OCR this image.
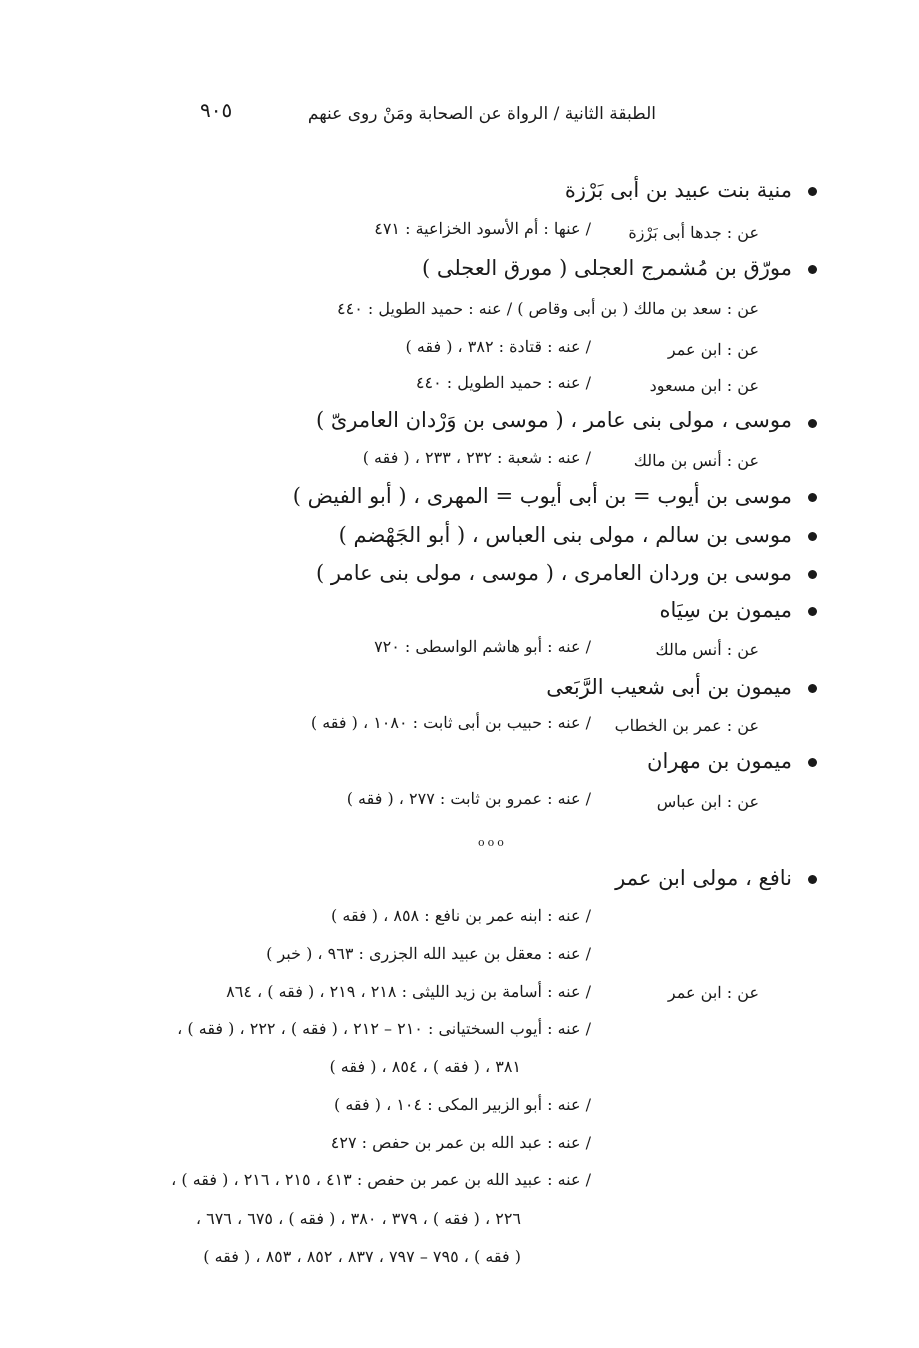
٩٠٥	الطبقة الثانية / الرواة عن الصحابة ومَنْ روى عنهم
منية بنت عبيد بن أبى بَرْزة
عن : جدها أبى بَرْزة
/ عنها : أم الأسود الخزاعية : ٤٧١
مورّق بن مُشمرج العجلى ( مورق العجلى )
عن : سعد بن مالك ( بن أبى وقاص ) / عنه : حميد الطويل : ٤٤٠
عن : ابن عمر
/ عنه : قتادة : ٣٨٢ ، ( فقه )
عن : ابن مسعود
/ عنه : حميد الطويل : ٤٤٠
موسى ، مولى بنى عامر ، ( موسى بن وَرْدان العامرىّ )
عن : أنس بن مالك
/ عنه : شعبة : ٢٣٢ ، ٢٣٣ ، ( فقه )
موسى بن أيوب = بن أبى أيوب = المهرى ، ( أبو الفيض )
موسى بن سالم ، مولى بنى العباس ، ( أبو الجَهْضم )
موسى بن وردان العامرى ، ( موسى ، مولى بنى عامر )
ميمون بن سِيَاه
عن : أنس مالك
/ عنه : أبو هاشم الواسطى : ٧٢٠
ميمون بن أبى شعيب الرَّبَعى
عن : عمر بن الخطاب
/ عنه : حبيب بن أبى ثابت : ١٠٨٠ ، ( فقه )
ميمون بن مهران
عن : ابن عباس
/ عنه : عمرو بن ثابت : ٢٧٧ ، ( فقه )
ooo
نافع ، مولى ابن عمر
عن : ابن عمر
/ عنه : ابنه عمر بن نافع : ٨٥٨ ، ( فقه )
/ عنه : معقل بن عبيد الله الجزرى : ٩٦٣ ، ( خبر )
/ عنه : أسامة بن زيد الليثى : ٢١٨ ، ٢١٩ ، ( فقه ) ، ٨٦٤
/ عنه : أيوب السختيانى : ٢١٠ – ٢١٢ ، ( فقه ) ، ٢٢٢ ، ( فقه ) ،
٣٨١ ، ( فقه ) ، ٨٥٤ ، ( فقه )
/ عنه : أبو الزبير المكى : ١٠٤ ، ( فقه )
/ عنه : عبد الله بن عمر بن حفص : ٤٢٧
/ عنه : عبيد الله بن عمر بن حفص : ٤١٣ ، ٢١٥ ، ٢١٦ ، ( فقه ) ،
٢٢٦ ، ( فقه ) ، ٣٧٩ ، ٣٨٠ ، ( فقه ) ، ٦٧٥ ، ٦٧٦ ،
( فقه ) ، ٧٩٥ – ٧٩٧ ، ٨٣٧ ، ٨٥٢ ، ٨٥٣ ، ( فقه )
